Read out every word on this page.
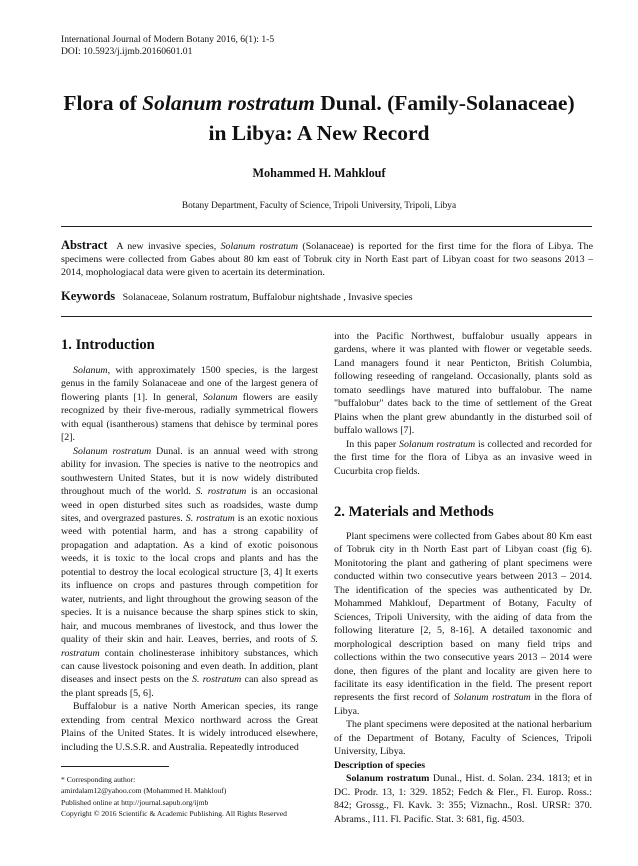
International Journal of Modern Botany 2016, 6(1): 1-5
DOI: 10.5923/j.ijmb.20160601.01
Flora of Solanum rostratum Dunal. (Family-Solanaceae)
in Libya: A New Record
Mohammed H. Mahklouf
Botany Department, Faculty of Science, Tripoli University, Tripoli, Libya
Abstract A new invasive species, Solanum rostratum (Solanaceae) is reported for the first time for the flora of Libya. The specimens were collected from Gabes about 80 km east of Tobruk city in North East part of Libyan coast for two seasons 2013 – 2014, mophologiacal data were given to acertain its determination.
Keywords Solanaceae, Solanum rostratum, Buffalobur nightshade , Invasive species
1. Introduction

Solanum, with approximately 1500 species, is the largest genus in the family Solanaceae and one of the largest genera of flowering plants [1]. In general, Solanum flowers are easily recognized by their five-merous, radially symmetrical flowers with equal (isantherous) stamens that dehisce by terminal pores [2].

Solanum rostratum Dunal. is an annual weed with strong ability for invasion. The species is native to the neotropics and southwestern United States, but it is now widely distributed throughout much of the world. S. rostratum is an occasional weed in open disturbed sites such as roadsides, waste dump sites, and overgrazed pastures. S. rostratum is an exotic noxious weed with potential harm, and has a strong capability of propagation and adaptation. As a kind of exotic poisonous weeds, it is toxic to the local crops and plants and has the potential to destroy the local ecological structure [3, 4] It exerts its influence on crops and pastures through competition for water, nutrients, and light throughout the growing season of the species. It is a nuisance because the sharp spines stick to skin, hair, and mucous membranes of livestock, and thus lower the quality of their skin and hair. Leaves, berries, and roots of S. rostratum contain cholinesterase inhibitory substances, which can cause livestock poisoning and even death. In addition, plant diseases and insect pests on the S. rostratum can also spread as the plant spreads [5, 6].

Buffalobur is a native North American species, its range extending from central Mexico northward across the Great Plains of the United States. It is widely introduced elsewhere, including the U.S.S.R. and Australia. Repeatedly introduced

into the Pacific Northwest, buffalobur usually appears in gardens, where it was planted with flower or vegetable seeds. Land managers found it near Penticton, British Columbia, following reseeding of rangeland. Occasionally, plants sold as tomato seedlings have matured into buffalobur. The name "buffalobur" dates back to the time of settlement of the Great Plains when the plant grew abundantly in the disturbed soil of buffalo wallows [7].

In this paper Solanum rostratum is collected and recorded for the first time for the flora of Libya as an invasive weed in Cucurbita crop fields.

2. Materials and Methods

Plant specimens were collected from Gabes about 80 Km east of Tobruk city in th North East part of Libyan coast (fig 6). Monitotoring the plant and gathering of plant specimens were conducted within two consecutive years between 2013 – 2014. The identification of the species was authenticated by Dr. Mohammed Mahklouf, Department of Botany, Faculty of Sciences, Tripoli University, with the aiding of data from the following literature [2, 5, 8-16]. A detailed taxonomic and morphological description based on many field trips and collections within the two consecutive years 2013 – 2014 were done, then figures of the plant and locality are given here to facilitate its easy identification in the field. The present report represents the first record of Solanum rostratum in the flora of Libya.

The plant specimens were deposited at the national herbarium of the Department of Botany, Faculty of Sciences, Tripoli University, Libya.

Description of species

Solanum rostratum Dunal., Hist. d. Solan. 234. 1813; et in DC. Prodr. 13, 1: 329. 1852; Fedch & Fler., Fl. Europ. Ross.: 842; Grossg., Fl. Kavk. 3: 355; Viznachn., Rosl. URSR: 370. Abrams., I11. Fl. Pacific. Stat. 3: 681, fig. 4503.

* Corresponding author:
amirdalam12@yahoo.com (Mohammed H. Mahklouf)
Published online at http://journal.sapub.org/ijmb
Copyright © 2016 Scientific & Academic Publishing. All Rights Reserved
